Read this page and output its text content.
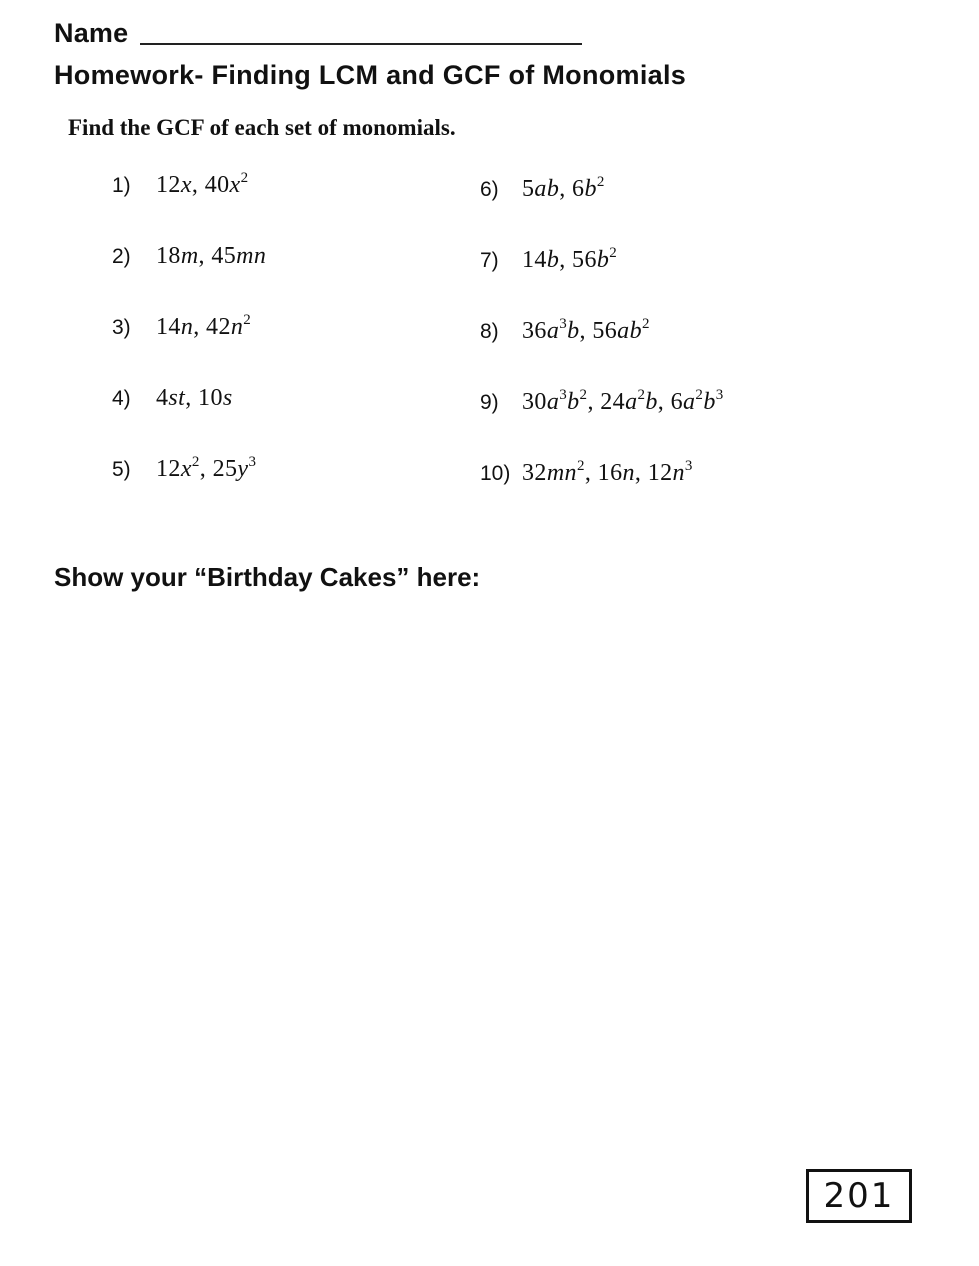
Name
Homework- Finding LCM and GCF of Monomials
Find the GCF of each set of monomials.
1)	12x, $40x^2$
2)	18m, 45mn
3)	14n, $42n^2$
4)	4st, 10s
5)	$12x^2$, $25y^3$
6) 5ab, $6b^2$
7) 14b, $56b^2$
8) $36a^3b$, $56ab^2$
9) $30a^3b^2$, $24a^2b$, $6a^2b^3$
10) $32mn^2$, 16n, $12n^3$
Show your “Birthday Cakes” here:
201
